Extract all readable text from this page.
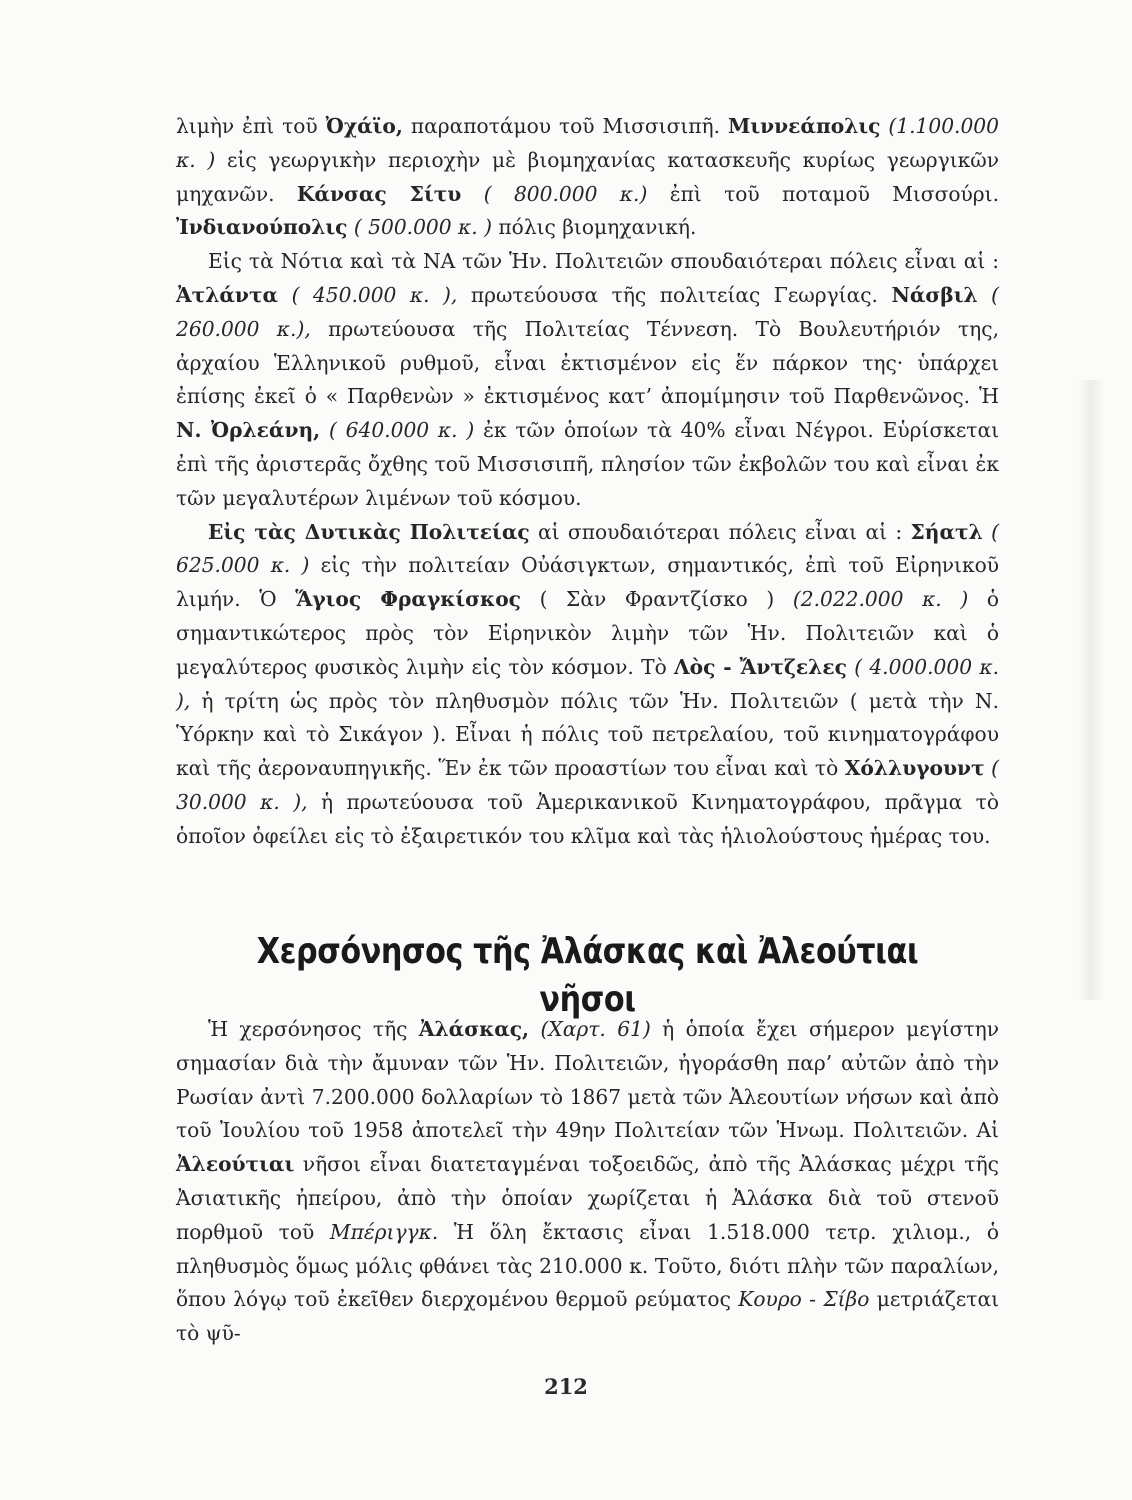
λιμὴν ἐπὶ τοῦ Ὀχάϊο, παραποτάμου τοῦ Μισσισιπῆ. Μιννεάπολις (1.100.000 κ. ) εἰς γεωργικὴν περιοχὴν μὲ βιομηχανίας κατασκευῆς κυρίως γεωργικῶν μηχανῶν. Κάνσας Σίτυ ( 800.000 κ.) ἐπὶ τοῦ ποταμοῦ Μισσούρι. Ἰνδιανούπολις ( 500.000 κ. ) πόλις βιομηχανική.

Εἰς τὰ Νότια καὶ τὰ ΝΑ τῶν Ἡν. Πολιτειῶν σπουδαιότεραι πόλεις εἶναι αἱ : Ἀτλάντα ( 450.000 κ. ), πρωτεύουσα τῆς πολιτείας Γεωργίας. Νάσβιλ ( 260.000 κ.), πρωτεύουσα τῆς Πολιτείας Τέννεση. Τὸ Βουλευτήριόν της, ἀρχαίου Ἑλληνικοῦ ρυθμοῦ, εἶναι ἐκτισμένον εἰς ἕν πάρκον της· ὑπάρχει ἐπίσης ἐκεῖ ὁ « Παρθενὼν » ἐκτισμένος κατ’ ἀπομίμησιν τοῦ Παρθενῶνος. Ἡ Ν. Ὀρλεάνη, ( 640.000 κ. ) ἐκ τῶν ὁποίων τὰ 40% εἶναι Νέγροι. Εὑρίσκεται ἐπὶ τῆς ἀριστερᾶς ὄχθης τοῦ Μισσισιπῆ, πλησίον τῶν ἐκβολῶν του καὶ εἶναι ἐκ τῶν μεγαλυτέρων λιμένων τοῦ κόσμου.

Εἰς τὰς Δυτικὰς Πολιτείας αἱ σπουδαιότεραι πόλεις εἶναι αἱ : Σήατλ ( 625.000 κ. ) εἰς τὴν πολιτείαν Οὐάσιγκτων, σημαντικός, ἐπὶ τοῦ Εἰρηνικοῦ λιμήν. Ὁ Ἅγιος Φραγκίσκος ( Σὰν Φραντζίσκο ) (2.022.000 κ. ) ὁ σημαντικώτερος πρὸς τὸν Εἰρηνικὸν λιμὴν τῶν Ἡν. Πολιτειῶν καὶ ὁ μεγαλύτερος φυσικὸς λιμὴν εἰς τὸν κόσμον. Τὸ Λὸς - Ἄντζελες ( 4.000.000 κ. ), ἡ τρίτη ὡς πρὸς τὸν πληθυσμὸν πόλις τῶν Ἡν. Πολιτειῶν ( μετὰ τὴν Ν. Ὑόρκην καὶ τὸ Σικάγον ). Εἶναι ἡ πόλις τοῦ πετρελαίου, τοῦ κινηματογράφου καὶ τῆς ἀεροναυπηγικῆς. Ἕν ἐκ τῶν προαστίων του εἶναι καὶ τὸ Χόλλυγουντ ( 30.000 κ. ), ἡ πρωτεύουσα τοῦ Ἀμερικανικοῦ Κινηματογράφου, πρᾶγμα τὸ ὁποῖον ὀφείλει εἰς τὸ ἐξαιρετικόν του κλῖμα καὶ τὰς ἡλιολούστους ἡμέρας του.

Χερσόνησος τῆς Ἀλάσκας καὶ Ἀλεούτιαι νῆσοι

Ἡ χερσόνησος τῆς Ἀλάσκας, (Χαρτ. 61) ἡ ὁποία ἔχει σήμερον μεγίστην σημασίαν διὰ τὴν ἄμυναν τῶν Ἡν. Πολιτειῶν, ἠγοράσθη παρ’ αὐτῶν ἀπὸ τὴν Ρωσίαν ἀντὶ 7.200.000 δολλαρίων τὸ 1867 μετὰ τῶν Ἀλεουτίων νήσων καὶ ἀπὸ τοῦ Ἰουλίου τοῦ 1958 ἀποτελεῖ τὴν 49ην Πολιτείαν τῶν Ἡνωμ. Πολιτειῶν. Αἱ Ἀλεούτιαι νῆσοι εἶναι διατεταγμέναι τοξοειδῶς, ἀπὸ τῆς Ἀλάσκας μέχρι τῆς Ἀσιατικῆς ἠπείρου, ἀπὸ τὴν ὁποίαν χωρίζεται ἡ Ἀλάσκα διὰ τοῦ στενοῦ πορθμοῦ τοῦ Μπέριγγκ. Ἡ ὅλη ἔκτασις εἶναι 1.518.000 τετρ. χιλιομ., ὁ πληθυσμὸς ὅμως μόλις φθάνει τὰς 210.000 κ. Τοῦτο, διότι πλὴν τῶν παραλίων, ὅπου λόγῳ τοῦ ἐκεῖθεν διερχομένου θερμοῦ ρεύματος Κουρο - Σίβο μετριάζεται τὸ ψῦ-

212
